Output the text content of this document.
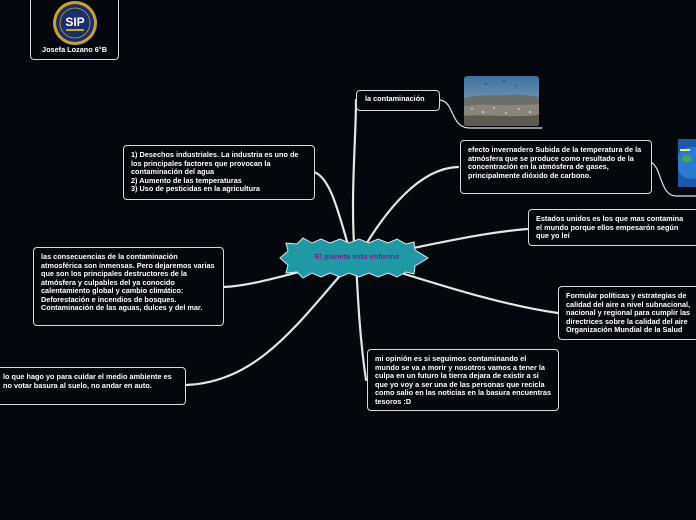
El planeta esta enfermo
SIP
Josefa Lozano 6°B
la contaminación
efecto invernadero Subida de la temperatura de la atmósfera que se produce como resultado de la concentración en la atmósfera de gases, principalmente dióxido de carbono.
Estados unidos es los que mas contamina
el mundo porque ellos empesarón según
que yo leí
Formular políticas y estrategias de
calidad del aire a nivel subnacional,
nacional y regional para cumplir las
directrices sobre la calidad del aire
Organización Mundial de la Salud
mi opinión es si seguimos contaminando el mundo se va a morir y nosotros vamos a tener la culpa en un futuro la tierra dejara de existir a si que yo voy a ser una de las personas que recicla como salio en las noticias en la basura encuentras tesoros :D
lo que hago yo para cuidar el medio ambiente es no votar basura al suelo, no andar en auto.
las consecuencias de la contaminación atmosférica son inmensas. Pero dejaremos varias que son los principales destructores de la atmósfera y culpables del ya conocido calentamiento global y cambio climático: Deforestación e incendios de bosques. Contaminación de las aguas, dulces y del mar.
1) Desechos industriales. La industria es uno de los principales factores que provocan la contaminación del agua
2) Aumento de las temperaturas
3) Uso de pesticidas en la agricultura
